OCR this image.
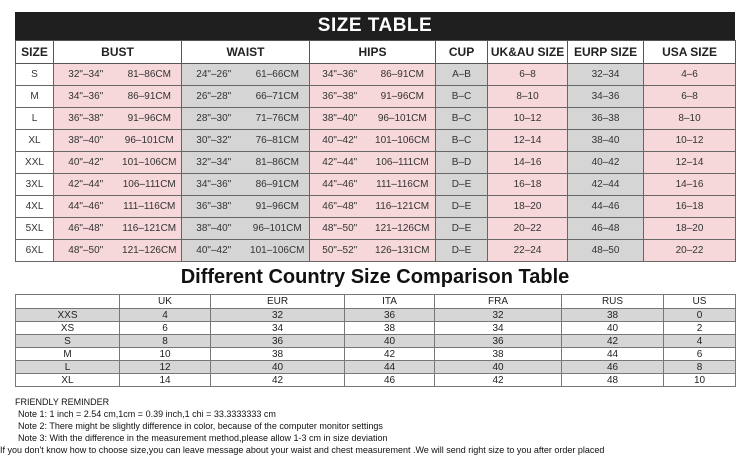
SIZE TABLE
SIZE	BUST		WAIST		HIPS		CUP	UK&AU SIZE	EURP SIZE	USA SIZE
S	32"–34"	81–86CM	24"–26"	61–66CM	34"–36"	86–91CM	A–B	6–8	32–34	4–6
M	34"–36"	86–91CM	26"–28"	66–71CM	36"–38"	91–96CM	B–C	8–10	34–36	6–8
L	36"–38"	91–96CM	28"–30"	71–76CM	38"–40"	96–101CM	B–C	10–12	36–38	8–10
XL	38"–40"	96–101CM	30"–32"	76–81CM	40"–42"	101–106CM	B–C	12–14	38–40	10–12
XXL	40"–42"	101–106CM	32"–34"	81–86CM	42"–44"	106–111CM	B–D	14–16	40–42	12–14
3XL	42"–44"	106–111CM	34"–36"	86–91CM	44"–46"	111–116CM	D–E	16–18	42–44	14–16
4XL	44"–46"	111–116CM	36"–38"	91–96CM	46"–48"	116–121CM	D–E	18–20	44–46	16–18
5XL	46"–48"	116–121CM	38"–40"	96–101CM	48"–50"	121–126CM	D–E	20–22	46–48	18–20
6XL	48"–50"	121–126CM	40"–42"	101–106CM	50"–52"	126–131CM	D–E	22–24	48–50	20–22
Different Country Size Comparison Table
	UK	EUR	ITA	FRA	RUS	US
XXS	4	32	36	32	38	0
XS	6	34	38	34	40	2
S	8	36	40	36	42	4
M	10	38	42	38	44	6
L	12	40	44	40	46	8
XL	14	42	46	42	48	10
FRIENDLY REMINDER
Note 1: 1 inch = 2.54 cm,1cm = 0.39 inch,1 chi = 33.3333333 cm
Note 2: There might be slightly difference in color, because of the computer monitor settings
Note 3: With the difference in the measurement method,please allow 1-3 cm in size deviation
If you don't know how to choose size,you can leave message about your waist and chest measurement .We will send right size to you after order placed
